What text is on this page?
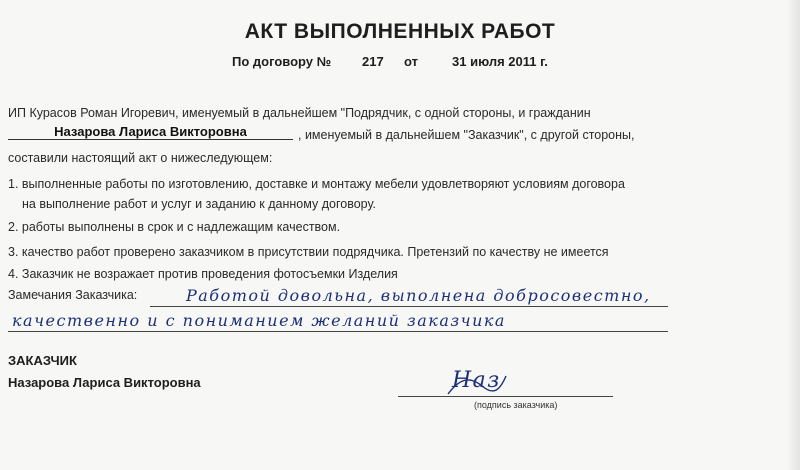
АКТ ВЫПОЛНЕННЫХ РАБОТ
По договору № 217 от	31 июля 2011 г.
ИП Курасов Роман Игоревич, именуемый в дальнейшем "Подрядчик, с одной стороны, и гражданин
Назарова Лариса Викторовна	, именуемый в дальнейшем "Заказчик", с другой стороны,
составили настоящий акт о нижеследующем:
1. выполненные работы по изготовлению, доставке и монтажу мебели удовлетворяют условиям договора
на выполнение работ и услуг и заданию к данному договору.
2. работы выполнены в срок и с надлежащим качеством.
3. качество работ проверено заказчиком в присутствии подрядчика. Претензий по качеству не имеется
4. Заказчик не возражает против проведения фотосъемки Изделия
Замечания Заказчика:	Работой довольна, выполнена добросовестно,
качественно и с пониманием желаний заказчика
ЗАКАЗЧИК
Назарова Лариса Викторовна	Наз
(подпись заказчика)
